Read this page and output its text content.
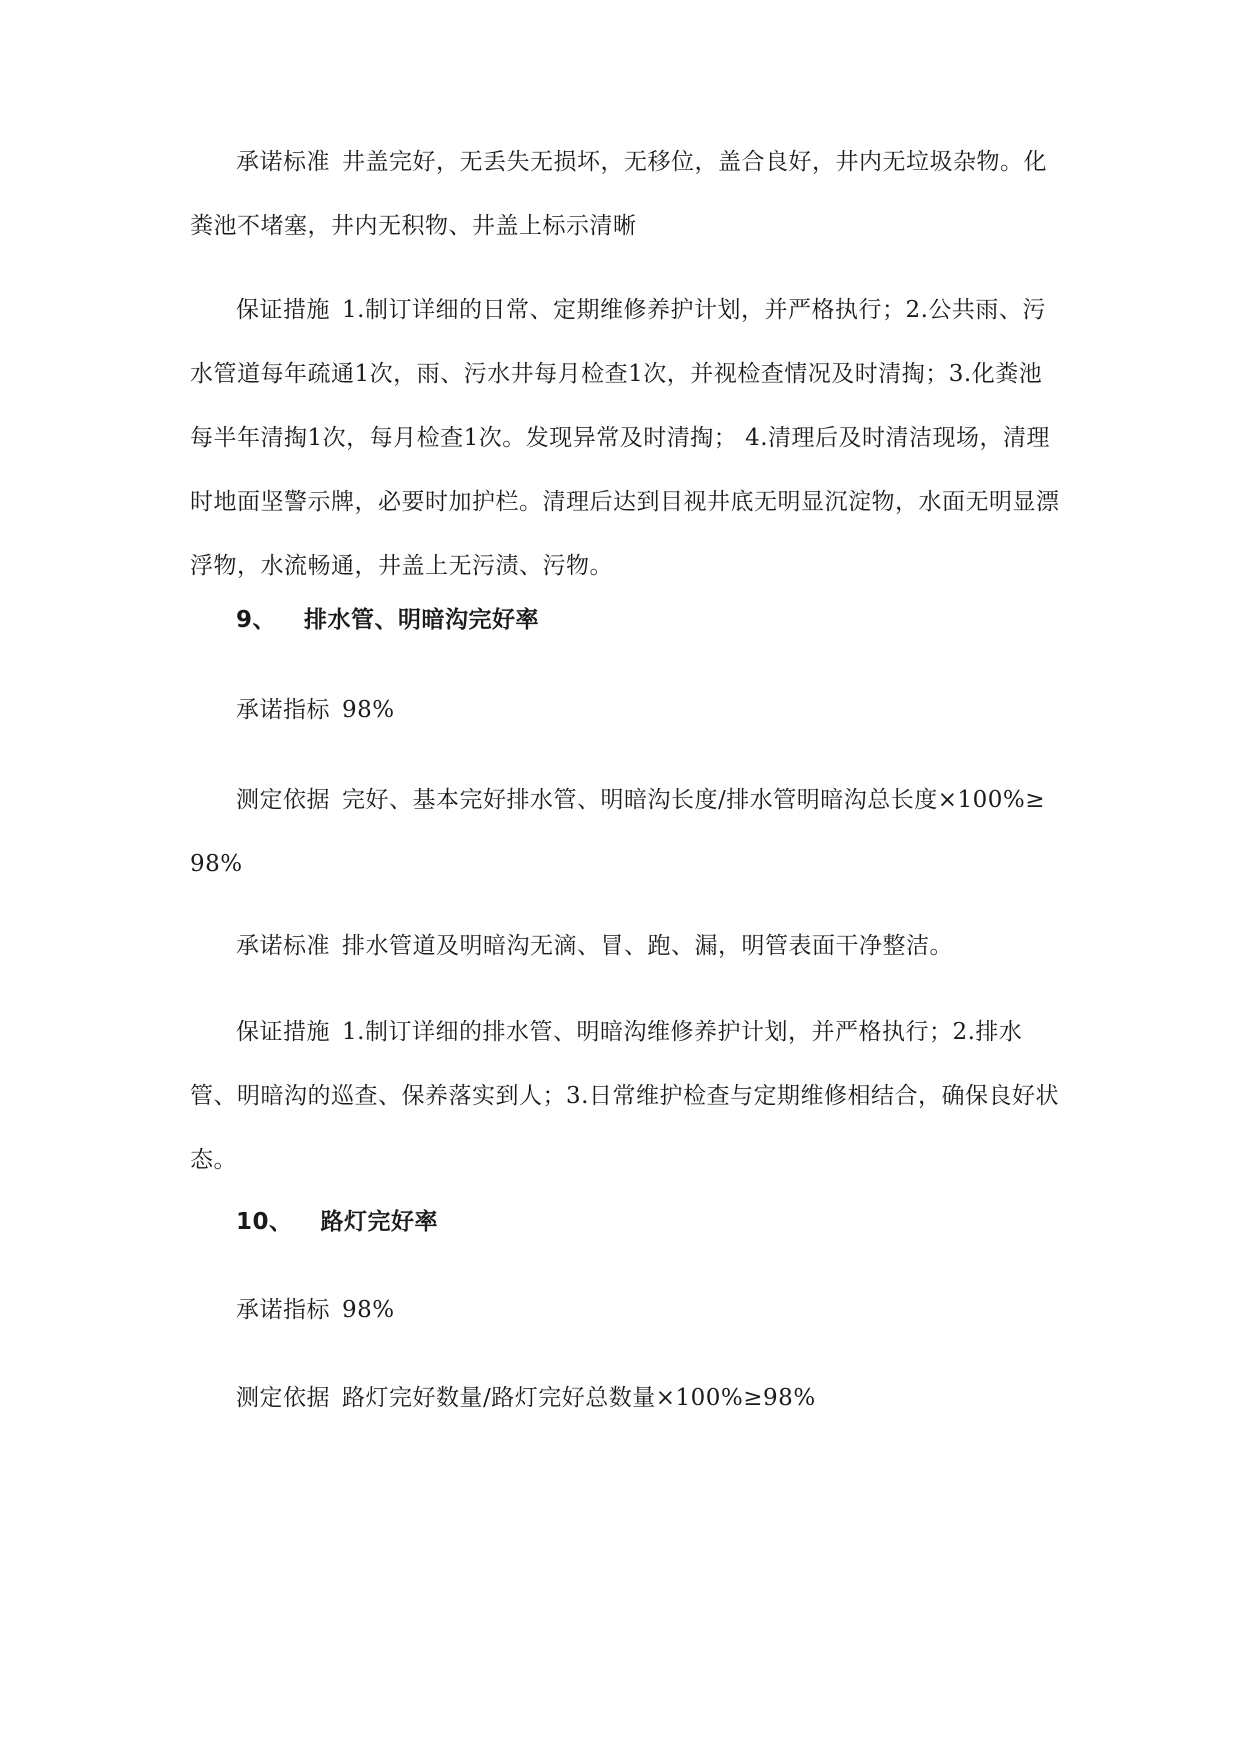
承诺标准 井盖完好，无丢失无损坏，无移位，盖合良好，井内无垃圾杂物。化粪池不堵塞，井内无积物、井盖上标示清晰

保证措施 1.制订详细的日常、定期维修养护计划，并严格执行；2.公共雨、污水管道每年疏通1次，雨、污水井每月检查1次，并视检查情况及时清掏；3.化粪池每半年清掏1次，每月检查1次。发现异常及时清掏； 4.清理后及时清洁现场，清理时地面坚警示牌，必要时加护栏。清理后达到目视井底无明显沉淀物，水面无明显漂浮物，水流畅通，井盖上无污渍、污物。

9、 排水管、明暗沟完好率

承诺指标 98%

测定依据 完好、基本完好排水管、明暗沟长度/排水管明暗沟总长度×100%≥98%

承诺标准 排水管道及明暗沟无滴、冒、跑、漏，明管表面干净整洁。

保证措施 1.制订详细的排水管、明暗沟维修养护计划，并严格执行；2.排水管、明暗沟的巡查、保养落实到人；3.日常维护检查与定期维修相结合，确保良好状态。

10、 路灯完好率

承诺指标 98%

测定依据 路灯完好数量/路灯完好总数量×100%≥98%
